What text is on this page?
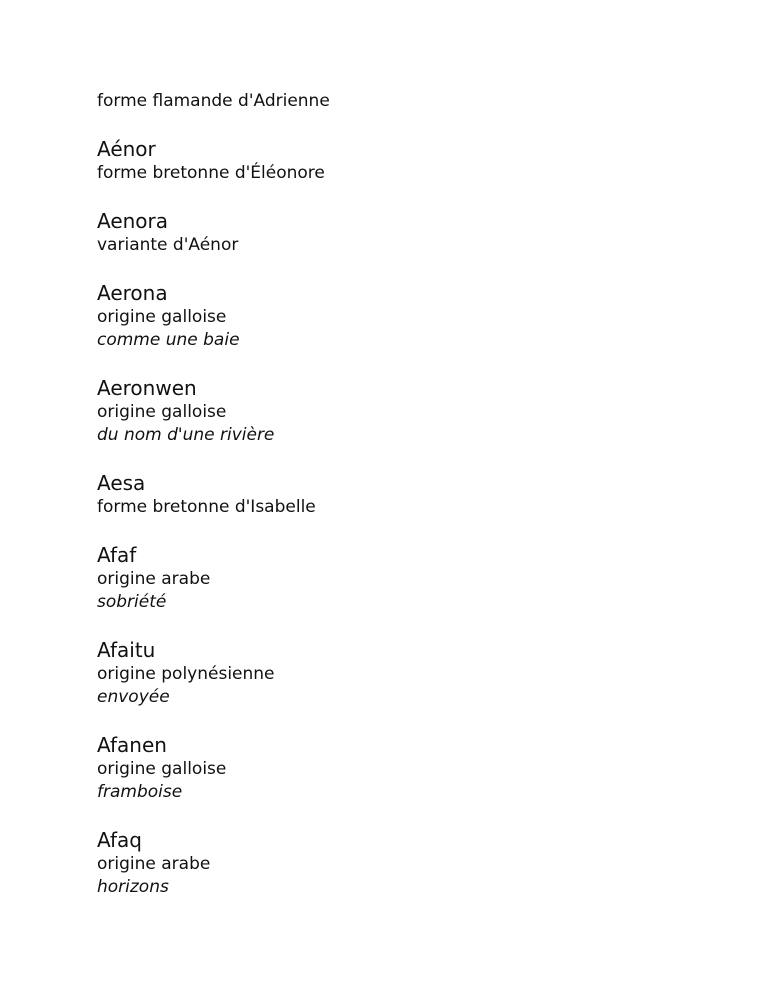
forme flamande d'Adrienne

Aénor

forme bretonne d'Éléonore

Aenora

variante d'Aénor

Aerona

origine galloise

comme une baie

Aeronwen

origine galloise

du nom d'une rivière

Aesa

forme bretonne d'Isabelle

Afaf

origine arabe

sobriété

Afaitu

origine polynésienne

envoyée

Afanen

origine galloise

framboise

Afaq

origine arabe

horizons
